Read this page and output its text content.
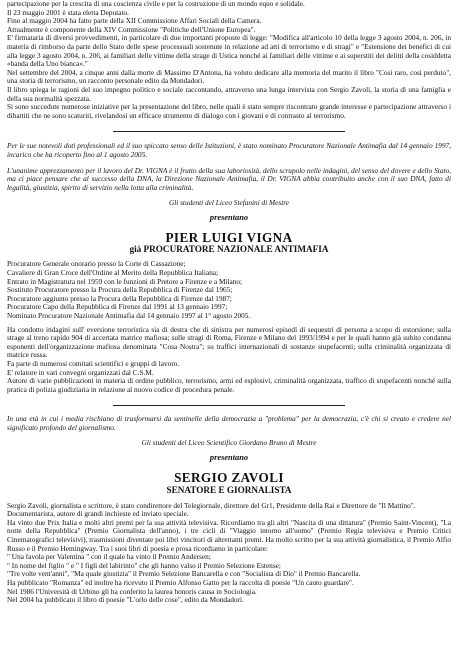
partecipazione per la crescita di una coscienza civile e per la costruzione di un mondo equo e solidale.

Il 23 maggio 2001 è stata eletta Deputato.

Fino al maggio 2004 ha fatto parte della XII Commissione Affari Sociali della Camera.

Attualmente è componente della XIV Commissione "Politiche dell'Unione Europea".

E' firmataria di diversi provvedimenti, in particolare di due importanti proposte di legge: "Modifica all'articolo 10 della legge 3 agosto 2004, n. 206, in materia di rimborso da parte dello Stato delle spese processuali sostenute in relazione ad atti di terrorismo e di stragi" e "Estensione dei benefici di cui alla legge 3 agosto 2004, n. 206, ai familiari delle vittime della strage di Ustica nonché ai familiari delle vittime e ai superstiti dei delitti della cosiddetta «banda della Uno bianca»."

Nel settembre del 2004, a cinque anni dalla morte di Massimo D'Antona, ha voluto dedicare alla memoria del marito il libro "Così raro, così perduto", una storia di terrorismo, un racconto personale edito da Mondadori.

Il libro spiega le ragioni del suo impegno politico e sociale raccontando, attraverso una lunga intervista con Sergio Zavoli, la storia di una famiglia e della sua normalità spezzata.

Si sono succedute numerose iniziative per la presentazione del libro, nelle quali è stato sempre riscontrato grande interesse e partecipazione attraverso i dibattiti che ne sono scaturiti, rivelandosi un efficace strumento di dialogo con i giovani e di contrasto al terrorismo.

Per le sue notevoli doti professionali ed il suo spiccato senso delle Istituzioni, è stato nominato Procuratore Nazionale Antimafia dal 14 gennaio 1997, incarico che ha ricoperto fino al 1 agosto 2005.

L'unanime apprezzamento per il lavoro del Dr. VIGNA è il frutto della sua laboriosità, dello scrupolo nelle indagini, del senso del dovere e dello Stato, ma ci piace pensare che al successo della DNA, la Direzione Nazionale Antimafia, il Dr. VIGNA abbia contribuito anche con il suo DNA, fatto di legalità, giustizia, spirito di servizio nella lotta alla criminalità.

Gli studenti del Liceo Stefanini di Mestre

presentano
PIER LUIGI VIGNA
già PROCURATORE NAZIONALE ANTIMAFIA

Procuratore Generale onorario presso la Corte di Cassazione;

Cavaliere di Gran Croce dell'Ordine al Merito della Repubblica Italiana;

Entrato in Magistratura nel 1959 con le funzioni di Pretore a Firenze e a Milano;

Sostituto Procuratore presso la Procura della Repubblica di Firenze dal 1965;

Procuratore aggiunto presso la Procura della Repubblica di Firenze dal 1987;

Procuratore Capo della Repubblica di Firenze dal 1991 al 13 gennaio 1997;

Nominato Procuratore Nazionale Antimafia dal 14 gennaio 1997 al 1° agosto 2005.

Ha condotto indagini sull' eversione terroristica sia di destra che di sinistra per numerosi episodi di sequestri di persona a scopo di estorsione; sulla strage al treno rapido 904 di accertata matrice mafiosa; sulle stragi di Roma, Firenze e Milano del 1993/1994 e per le quali hanno già subito condanna esponenti dell'organizzazione mafiosa denominata "Cosa Nostra"; su traffici internazionali di sostanze stupefacenti; sulla criminalità organizzata di matrice russa.

Fa parte di numerosi comitati scientifici e gruppi di lavoro.

E' relatore in vari convegni organizzati dal C.S.M.

Autore di varie pubblicazioni in materia di ordine pubblico, terrorismo, armi ed esplosivi, criminalità organizzata, traffico di stupefacenti nonché sulla pratica di polizia giudiziaria in relazione al nuovo codice di procedura penale.

In una età in cui i media rischiano di trasformarsi da sentinelle della democrazia a "problema" per la democrazia, c'è chi si creato e credere nel significato profondo del giornalismo.

Gli studenti del Liceo Scientifico Giordano Bruno di Mestre

presentano
SERGIO ZAVOLI
SENATORE E GIORNALISTA

Sergio Zavoli, giornalista e scrittore, è stato condirettore del Telegiornale, direttore del Gr1, Presidente della Rai e Direttore de "Il Mattino".

Documentarista, autore di grandi inchieste ed inviato speciale.

Ha vinto due Prix Italia e molti altri premi per la sua attività televisiva. Ricordiamo tra gli altri "Nascita di una dittatura" (Premio Saint-Vincent), "La notte della Repubblica" (Premio Giornalista dell'anno), i tre cicli di "Viaggio intorno all'uomo" (Premio Regia televisiva e Premio Critici Cinematografici televisivi), trasmissioni diventate poi libri vincitori di altrettanti premi. Ha molto scritto per la sua attività giornalistica, il Premio Alfio Russo e il Premio Hemingway. Tra i suoi libri di poesia e prosa ricordiamo in particolare:

" Una favola per Valentina " con il quale ha vinto il Premio Andersen;

" In nome del figlio " e " I figli del labirinto" che gli hanno valso il Premio Selezione Estense;

"Tre volte vent'anni", "Ma quale giustizia" il Premio Selezione Bancarella e con "Socialista di Dio" il Premio Bancarella.

Ha pubblicato "Romanza" ed inoltre ha ricevuto il Premio Alfonso Gatto per la raccolta di poesie "Un cauto guardare".

Nel 1986 l'Università di Urbino gli ha conferito la laurea honoris causa in Sociologia.

Nel 2004 ha pubblicato il libro di poesie "L'orlo delle cose", edito da Mondadori.
